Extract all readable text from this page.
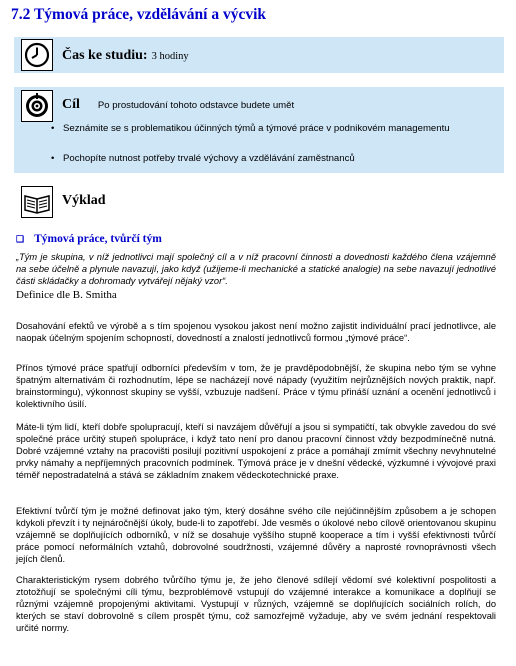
7.2 Týmová práce, vzdělávání a výcvik
Čas ke studiu: 3 hodiny
Cíl Po prostudování tohoto odstavce budete umět
• Seznámite se s problematikou účinných týmů a týmové práce v podnikovém managementu
• Pochopíte nutnost potřeby trvalé výchovy a vzdělávání zaměstnanců
Výklad
❑ Týmová práce, tvůrčí tým
„Tým je skupina, v níž jednotlivci mají společný cíl a v níž pracovní činnosti a dovednosti každého člena vzájemně na sebe účelně a plynule navazují, jako když (užijeme-li mechanické a statické analogie) na sebe navazují jednotlivé části skládačky a dohromady vytvářejí nějaký vzor“.
Definice dle B. Smitha

Dosahování efektů ve výrobě a s tím spojenou vysokou jakost není možno zajistit individuální prací jednotlivce, ale naopak účelným spojením schopností, dovedností a znalostí jednotlivců formou „týmové práce“.

Přínos týmové práce spatřují odborníci především v tom, že je pravděpodobnější, že skupina nebo tým se vyhne špatným alternativám či rozhodnutím, lépe se nacházejí nové nápady (využitím nejrůznějších nových praktik, např. brainstormingu), výkonnost skupiny se vyšší, vzbuzuje nadšení. Práce v týmu přináší uznání a ocenění jednotlivců i kolektivního úsilí.

Máte-li tým lidí, kteří dobře spolupracují, kteří si navzájem důvěřují a jsou si sympatičtí, tak obvykle zavedou do své společné práce určitý stupeň spolupráce, i když tato není pro danou pracovní činnost vždy bezpodmínečně nutná. Dobré vzájemné vztahy na pracovišti posilují pozitivní uspokojení z práce a pomáhají zmírnit všechny nevyhnutelné prvky námahy a nepříjemných pracovních podmínek. Týmová práce je v dnešní vědecké, výzkumné i vývojové praxi téměř nepostradatelná a stává se základním znakem vědeckotechnické praxe.

Efektivní tvůrčí tým je možné definovat jako tým, který dosáhne svého cíle nejúčinnějším způsobem a je schopen kdykoli převzít i ty nejnáročnější úkoly, bude-li to zapotřebí. Jde vesměs o úkolové nebo cílově orientovanou skupinu vzájemně se doplňujících odborníků, v níž se dosahuje vyššího stupně kooperace a tím i vyšší efektivnosti tvůrčí práce pomocí neformálních vztahů, dobrovolné soudržnosti, vzájemné důvěry a naprosté rovnoprávnosti všech jejích členů.

Charakteristickým rysem dobrého tvůrčího týmu je, že jeho členové sdílejí vědomí své kolektivní pospolitosti a ztotožňují se společnými cíli týmu, bezproblémově vstupují do vzájemné interakce a komunikace a doplňují se různými vzájemně propojenými aktivitami. Vystupují v různých, vzájemně se doplňujících sociálních rolích, do kterých se staví dobrovolně s cílem prospět týmu, což samozřejmě vyžaduje, aby ve svém jednání respektovali určité normy.
